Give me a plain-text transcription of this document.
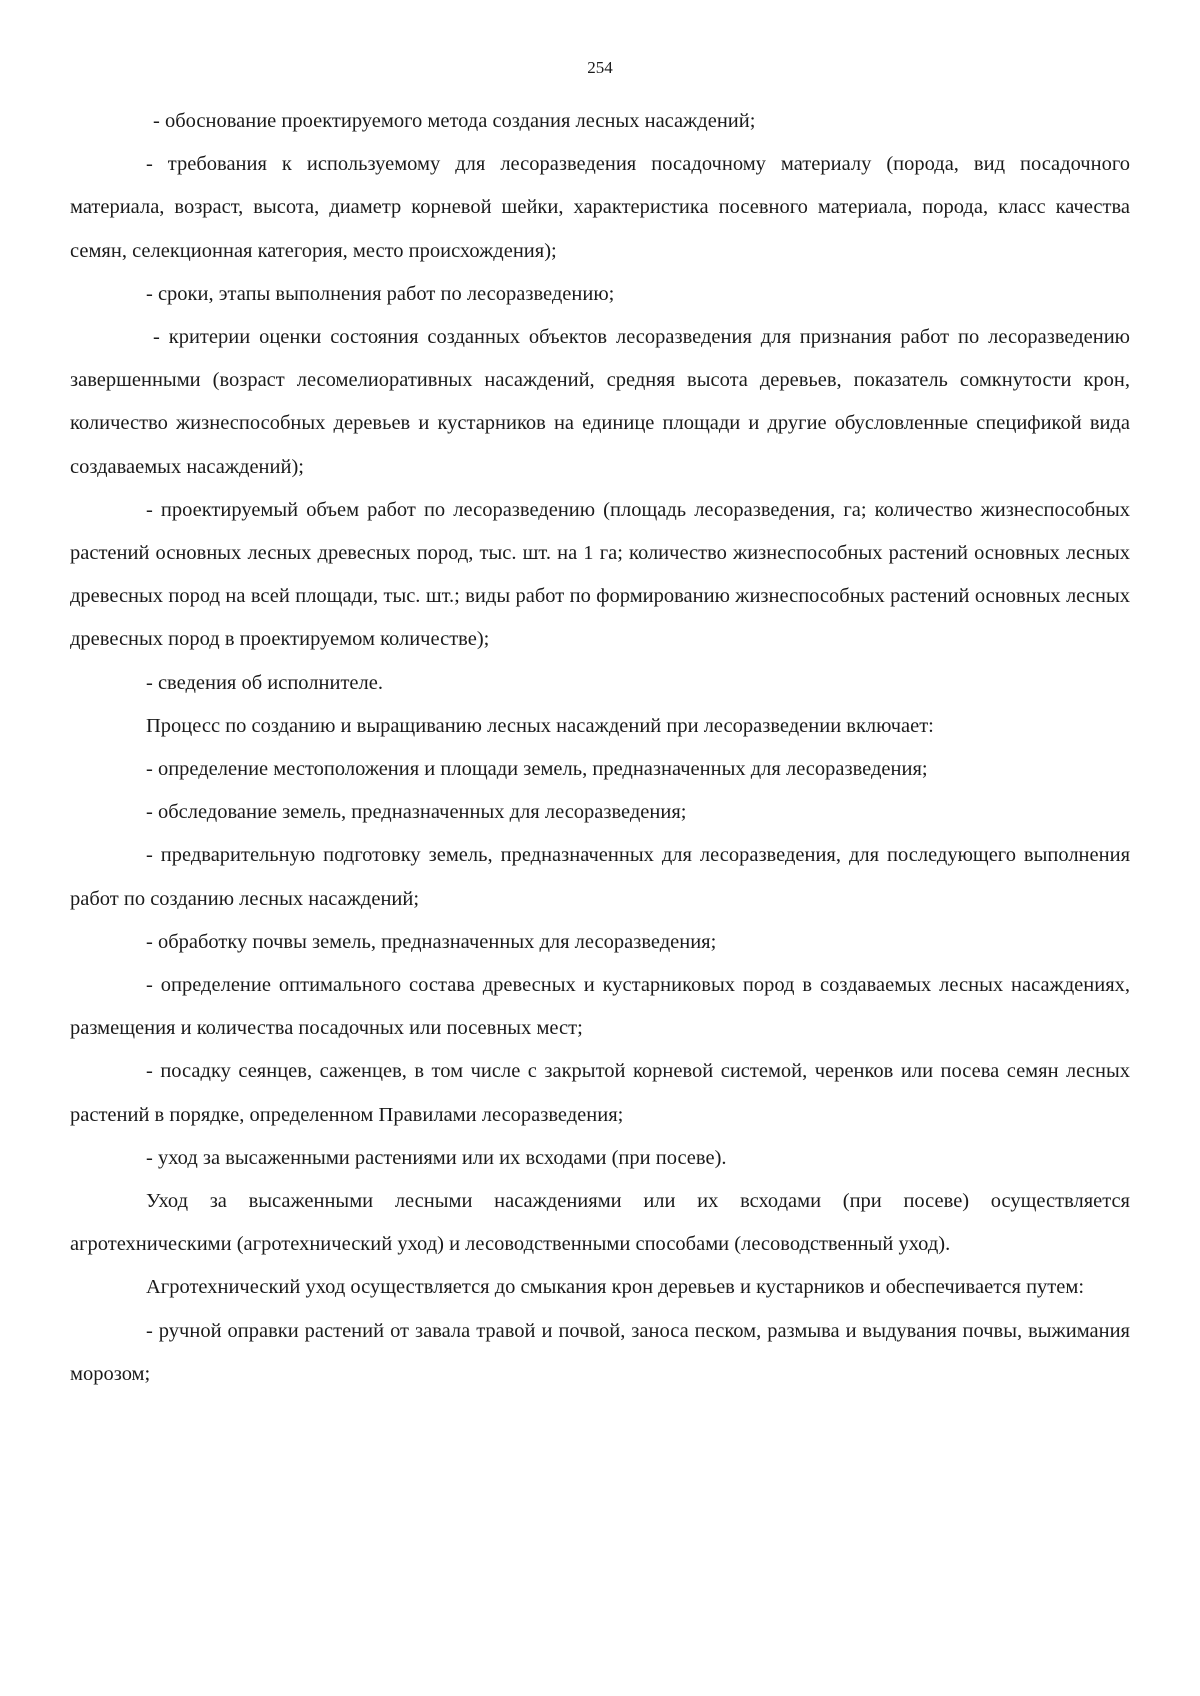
254

- обоснование проектируемого метода создания лесных насаждений;

- требования к используемому для лесоразведения посадочному материалу (порода, вид посадочного материала, возраст, высота, диаметр корневой шейки, характеристика посевного материала, порода, класс качества семян, селекционная категория, место происхождения);

- сроки, этапы выполнения работ по лесоразведению;

- критерии оценки состояния созданных объектов лесоразведения для признания работ по лесоразведению завершенными (возраст лесомелиоративных насаждений, средняя высота деревьев, показатель сомкнутости крон, количество жизнеспособных деревьев и кустарников на единице площади и другие обусловленные спецификой вида создаваемых насаждений);

- проектируемый объем работ по лесоразведению (площадь лесоразведения, га; количество жизнеспособных растений основных лесных древесных пород, тыс. шт. на 1 га; количество жизнеспособных растений основных лесных древесных пород на всей площади, тыс. шт.; виды работ по формированию жизнеспособных растений основных лесных древесных пород в проектируемом количестве);

- сведения об исполнителе.

Процесс по созданию и выращиванию лесных насаждений при лесоразведении включает:

- определение местоположения и площади земель, предназначенных для лесоразведения;

- обследование земель, предназначенных для лесоразведения;

- предварительную подготовку земель, предназначенных для лесоразведения, для последующего выполнения работ по созданию лесных насаждений;

- обработку почвы земель, предназначенных для лесоразведения;

- определение оптимального состава древесных и кустарниковых пород в создаваемых лесных насаждениях, размещения и количества посадочных или посевных мест;

- посадку сеянцев, саженцев, в том числе с закрытой корневой системой, черенков или посева семян лесных растений в порядке, определенном Правилами лесоразведения;

- уход за высаженными растениями или их всходами (при посеве).

Уход за высаженными лесными насаждениями или их всходами (при посеве) осуществляется агротехническими (агротехнический уход) и лесоводственными способами (лесоводственный уход).

Агротехнический уход осуществляется до смыкания крон деревьев и кустарников и обеспечивается путем:

- ручной оправки растений от завала травой и почвой, заноса песком, размыва и выдувания почвы, выжимания морозом;
